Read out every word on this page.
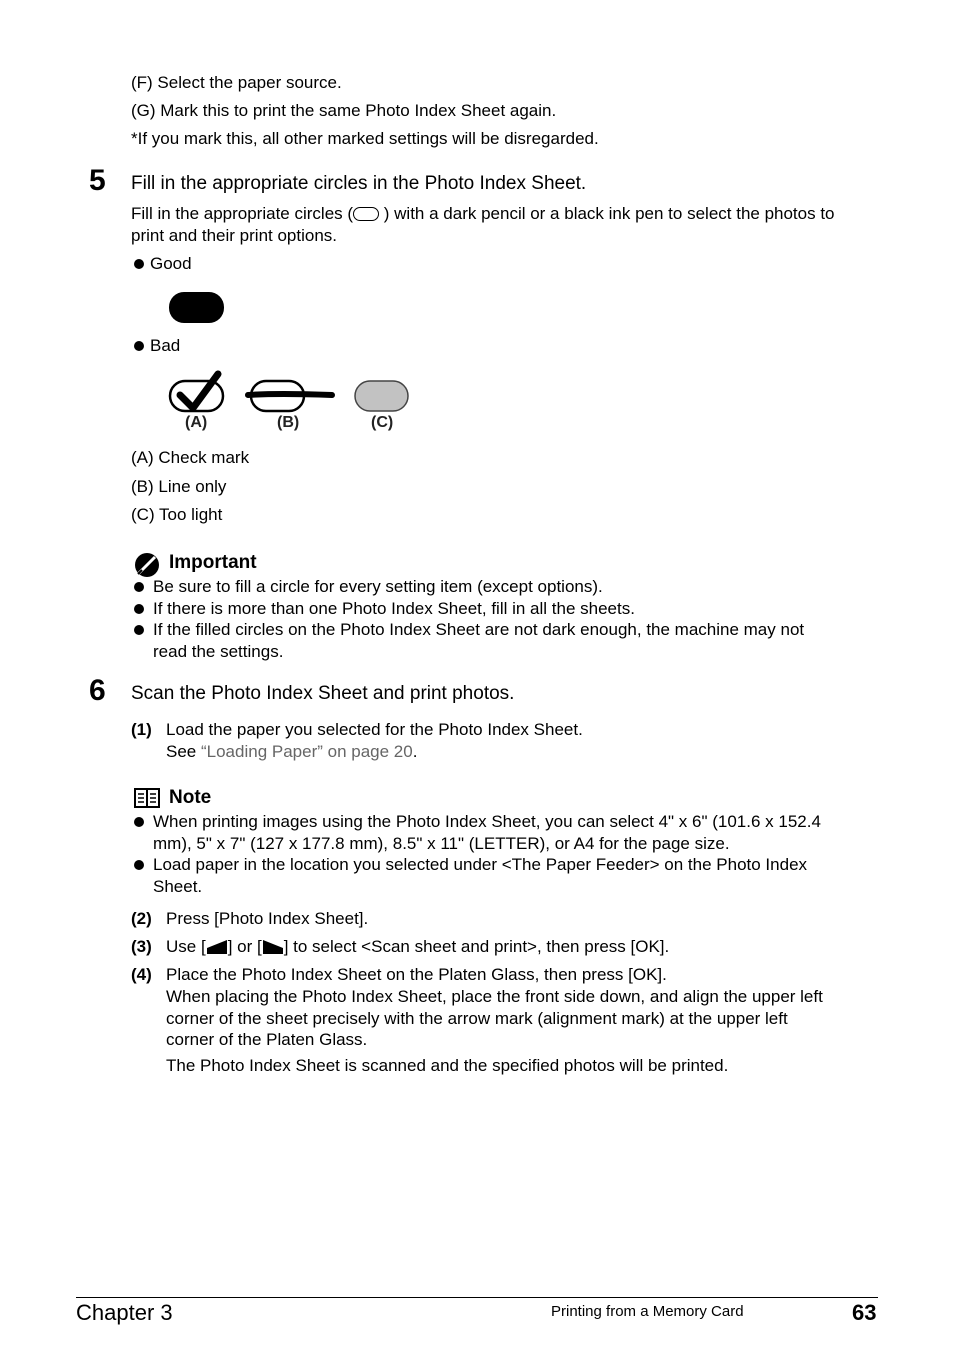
(F) Select the paper source.
(G) Mark this to print the same Photo Index Sheet again.
*If you mark this, all other marked settings will be disregarded.
5 Fill in the appropriate circles in the Photo Index Sheet.
Fill in the appropriate circles ( ) with a dark pencil or a black ink pen to select the photos to
print and their print options.
Good
Bad
(A)	(B)	(C)
(A) Check mark
(B) Line only
(C) Too light
Important
Be sure to fill a circle for every setting item (except options).
If there is more than one Photo Index Sheet, fill in all the sheets.
If the filled circles on the Photo Index Sheet are not dark enough, the machine may not
read the settings.
6 Scan the Photo Index Sheet and print photos.
(1) Load the paper you selected for the Photo Index Sheet.
See “Loading Paper” on page 20.
Note
When printing images using the Photo Index Sheet, you can select 4" x 6" (101.6 x 152.4
mm), 5" x 7" (127 x 177.8 mm), 8.5" x 11" (LETTER), or A4 for the page size.
Load paper in the location you selected under <The Paper Feeder> on the Photo Index
Sheet.
(2) Press [Photo Index Sheet].
(3) Use [ ] or [ ] to select <Scan sheet and print>, then press [OK].
(4) Place the Photo Index Sheet on the Platen Glass, then press [OK].
When placing the Photo Index Sheet, place the front side down, and align the upper left
corner of the sheet precisely with the arrow mark (alignment mark) at the upper left
corner of the Platen Glass.
The Photo Index Sheet is scanned and the specified photos will be printed.
Chapter 3	Printing from a Memory Card	63
